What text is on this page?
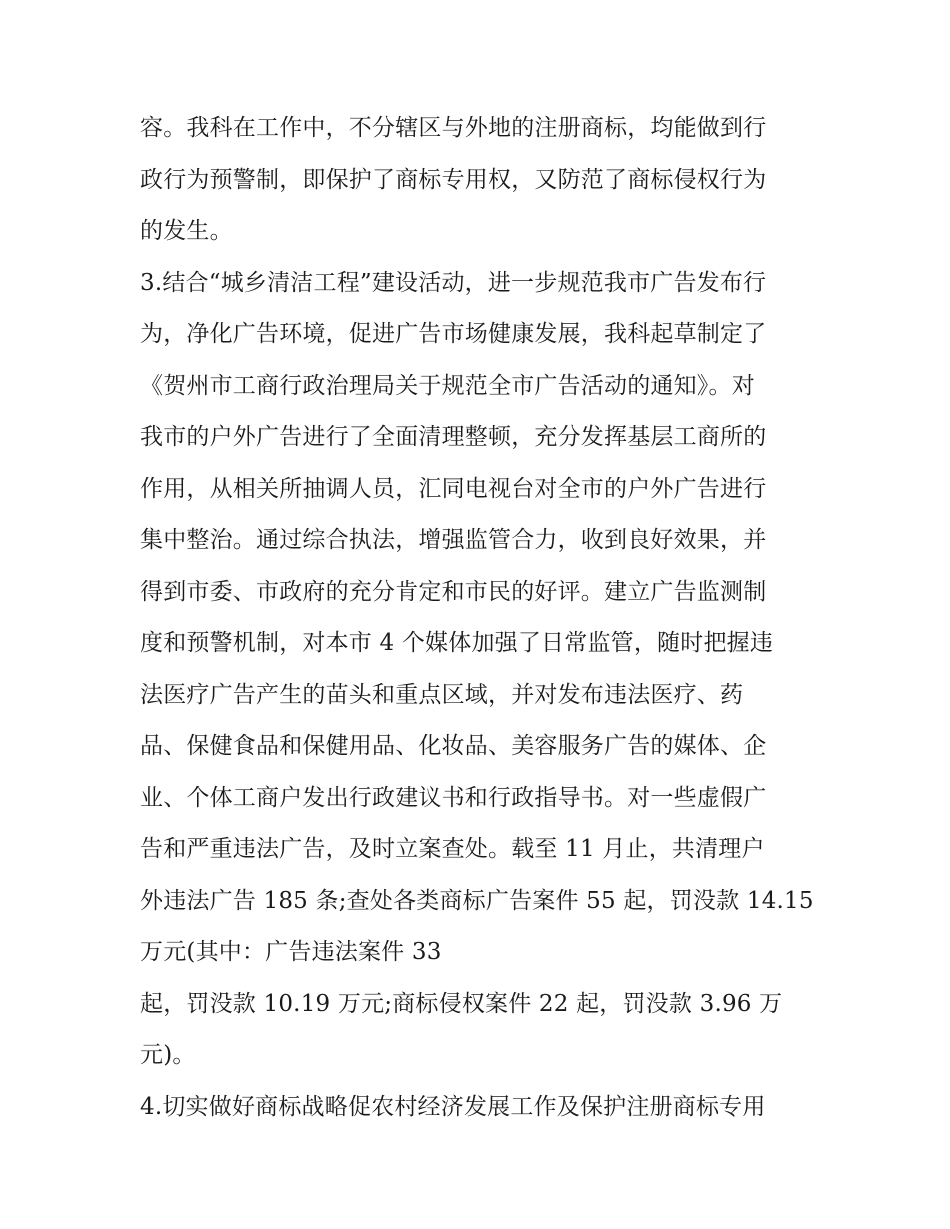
容。我科在工作中，不分辖区与外地的注册商标，均能做到行
政行为预警制，即保护了商标专用权，又防范了商标侵权行为
的发生。
3.结合“城乡清洁工程”建设活动，进一步规范我市广告发布行
为，净化广告环境，促进广告市场健康发展，我科起草制定了
《贺州市工商行政治理局关于规范全市广告活动的通知》。对
我市的户外广告进行了全面清理整顿，充分发挥基层工商所的
作用，从相关所抽调人员，汇同电视台对全市的户外广告进行
集中整治。通过综合执法，增强监管合力，收到良好效果，并
得到市委、市政府的充分肯定和市民的好评。建立广告监测制
度和预警机制，对本市 4 个媒体加强了日常监管，随时把握违
法医疗广告产生的苗头和重点区域，并对发布违法医疗、药
品、保健食品和保健用品、化妆品、美容服务广告的媒体、企
业、个体工商户发出行政建议书和行政指导书。对一些虚假广
告和严重违法广告，及时立案查处。载至 11 月止，共清理户
外违法广告 185 条;查处各类商标广告案件 55 起，罚没款 14.15
万元(其中：广告违法案件 33
起，罚没款 10.19 万元;商标侵权案件 22 起，罚没款 3.96 万
元)。
4.切实做好商标战略促农村经济发展工作及保护注册商标专用
